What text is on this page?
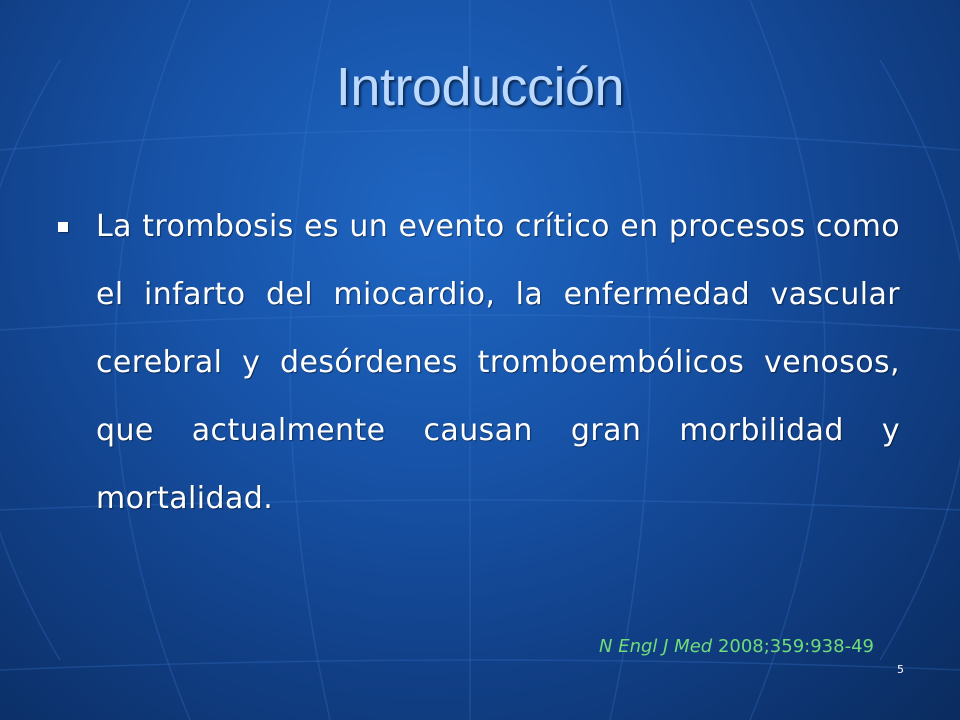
Introducción
La trombosis es un evento crítico en procesos como el infarto del miocardio, la enfermedad vascular cerebral y desórdenes tromboembólicos venosos, que actualmente causan gran morbilidad y mortalidad.
N Engl J Med 2008;359:938-49
5
